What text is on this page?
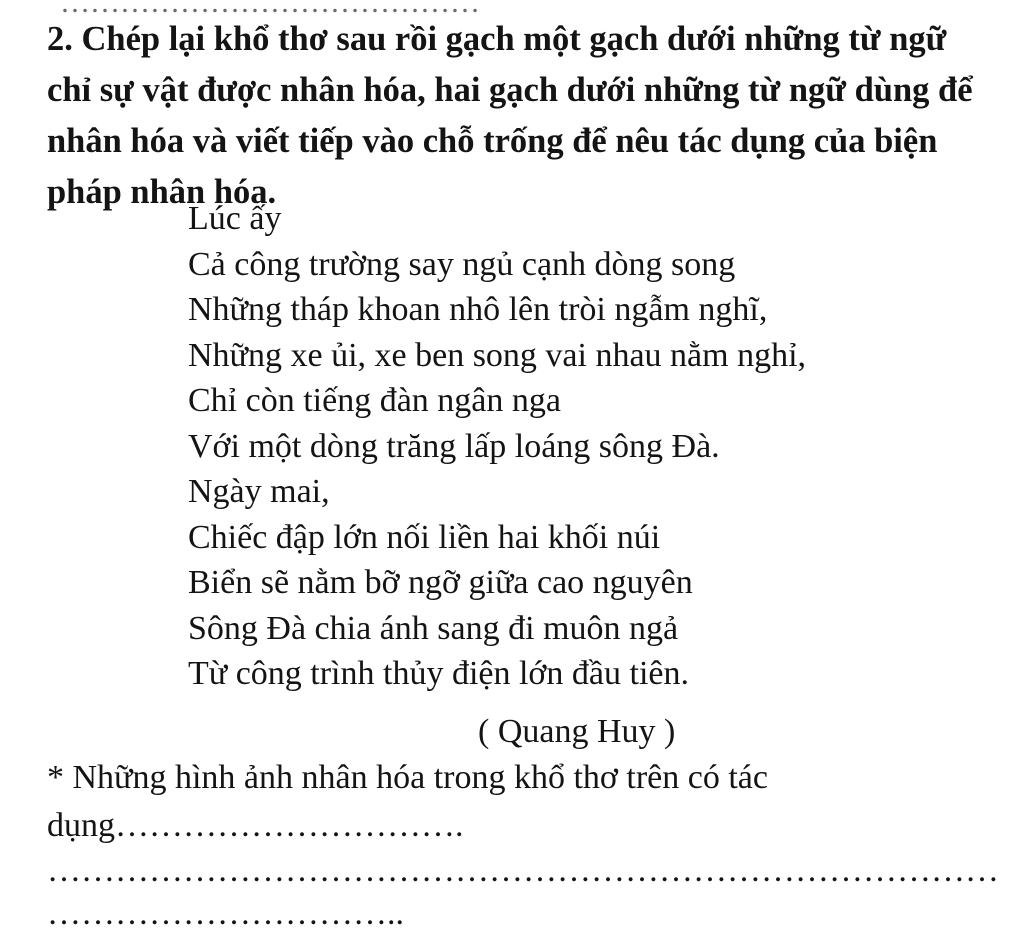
……………………………………

2. Chép lại khổ thơ sau rồi gạch một gạch dưới những từ ngữ chỉ sự vật được nhân hóa, hai gạch dưới những từ ngữ dùng để nhân hóa và viết tiếp vào chỗ trống để nêu tác dụng của biện pháp nhân hóa.

Lúc ấy
Cả công trường say ngủ cạnh dòng song
Những tháp khoan nhô lên tròi ngẫm nghĩ,
Những xe ủi, xe ben song vai nhau nằm nghỉ,
Chỉ còn tiếng đàn ngân nga
Với một dòng trăng lấp loáng sông Đà.
Ngày mai,
Chiếc đập lớn nối liền hai khối núi
Biển sẽ nằm bỡ ngỡ giữa cao nguyên
Sông Đà chia ánh sang đi muôn ngả
Từ công trình thủy điện lớn đầu tiên.
( Quang Huy )
* Những hình ảnh nhân hóa trong khổ thơ trên có tác
dụng………………………….
…………………………………………………………………………
…………………………..
